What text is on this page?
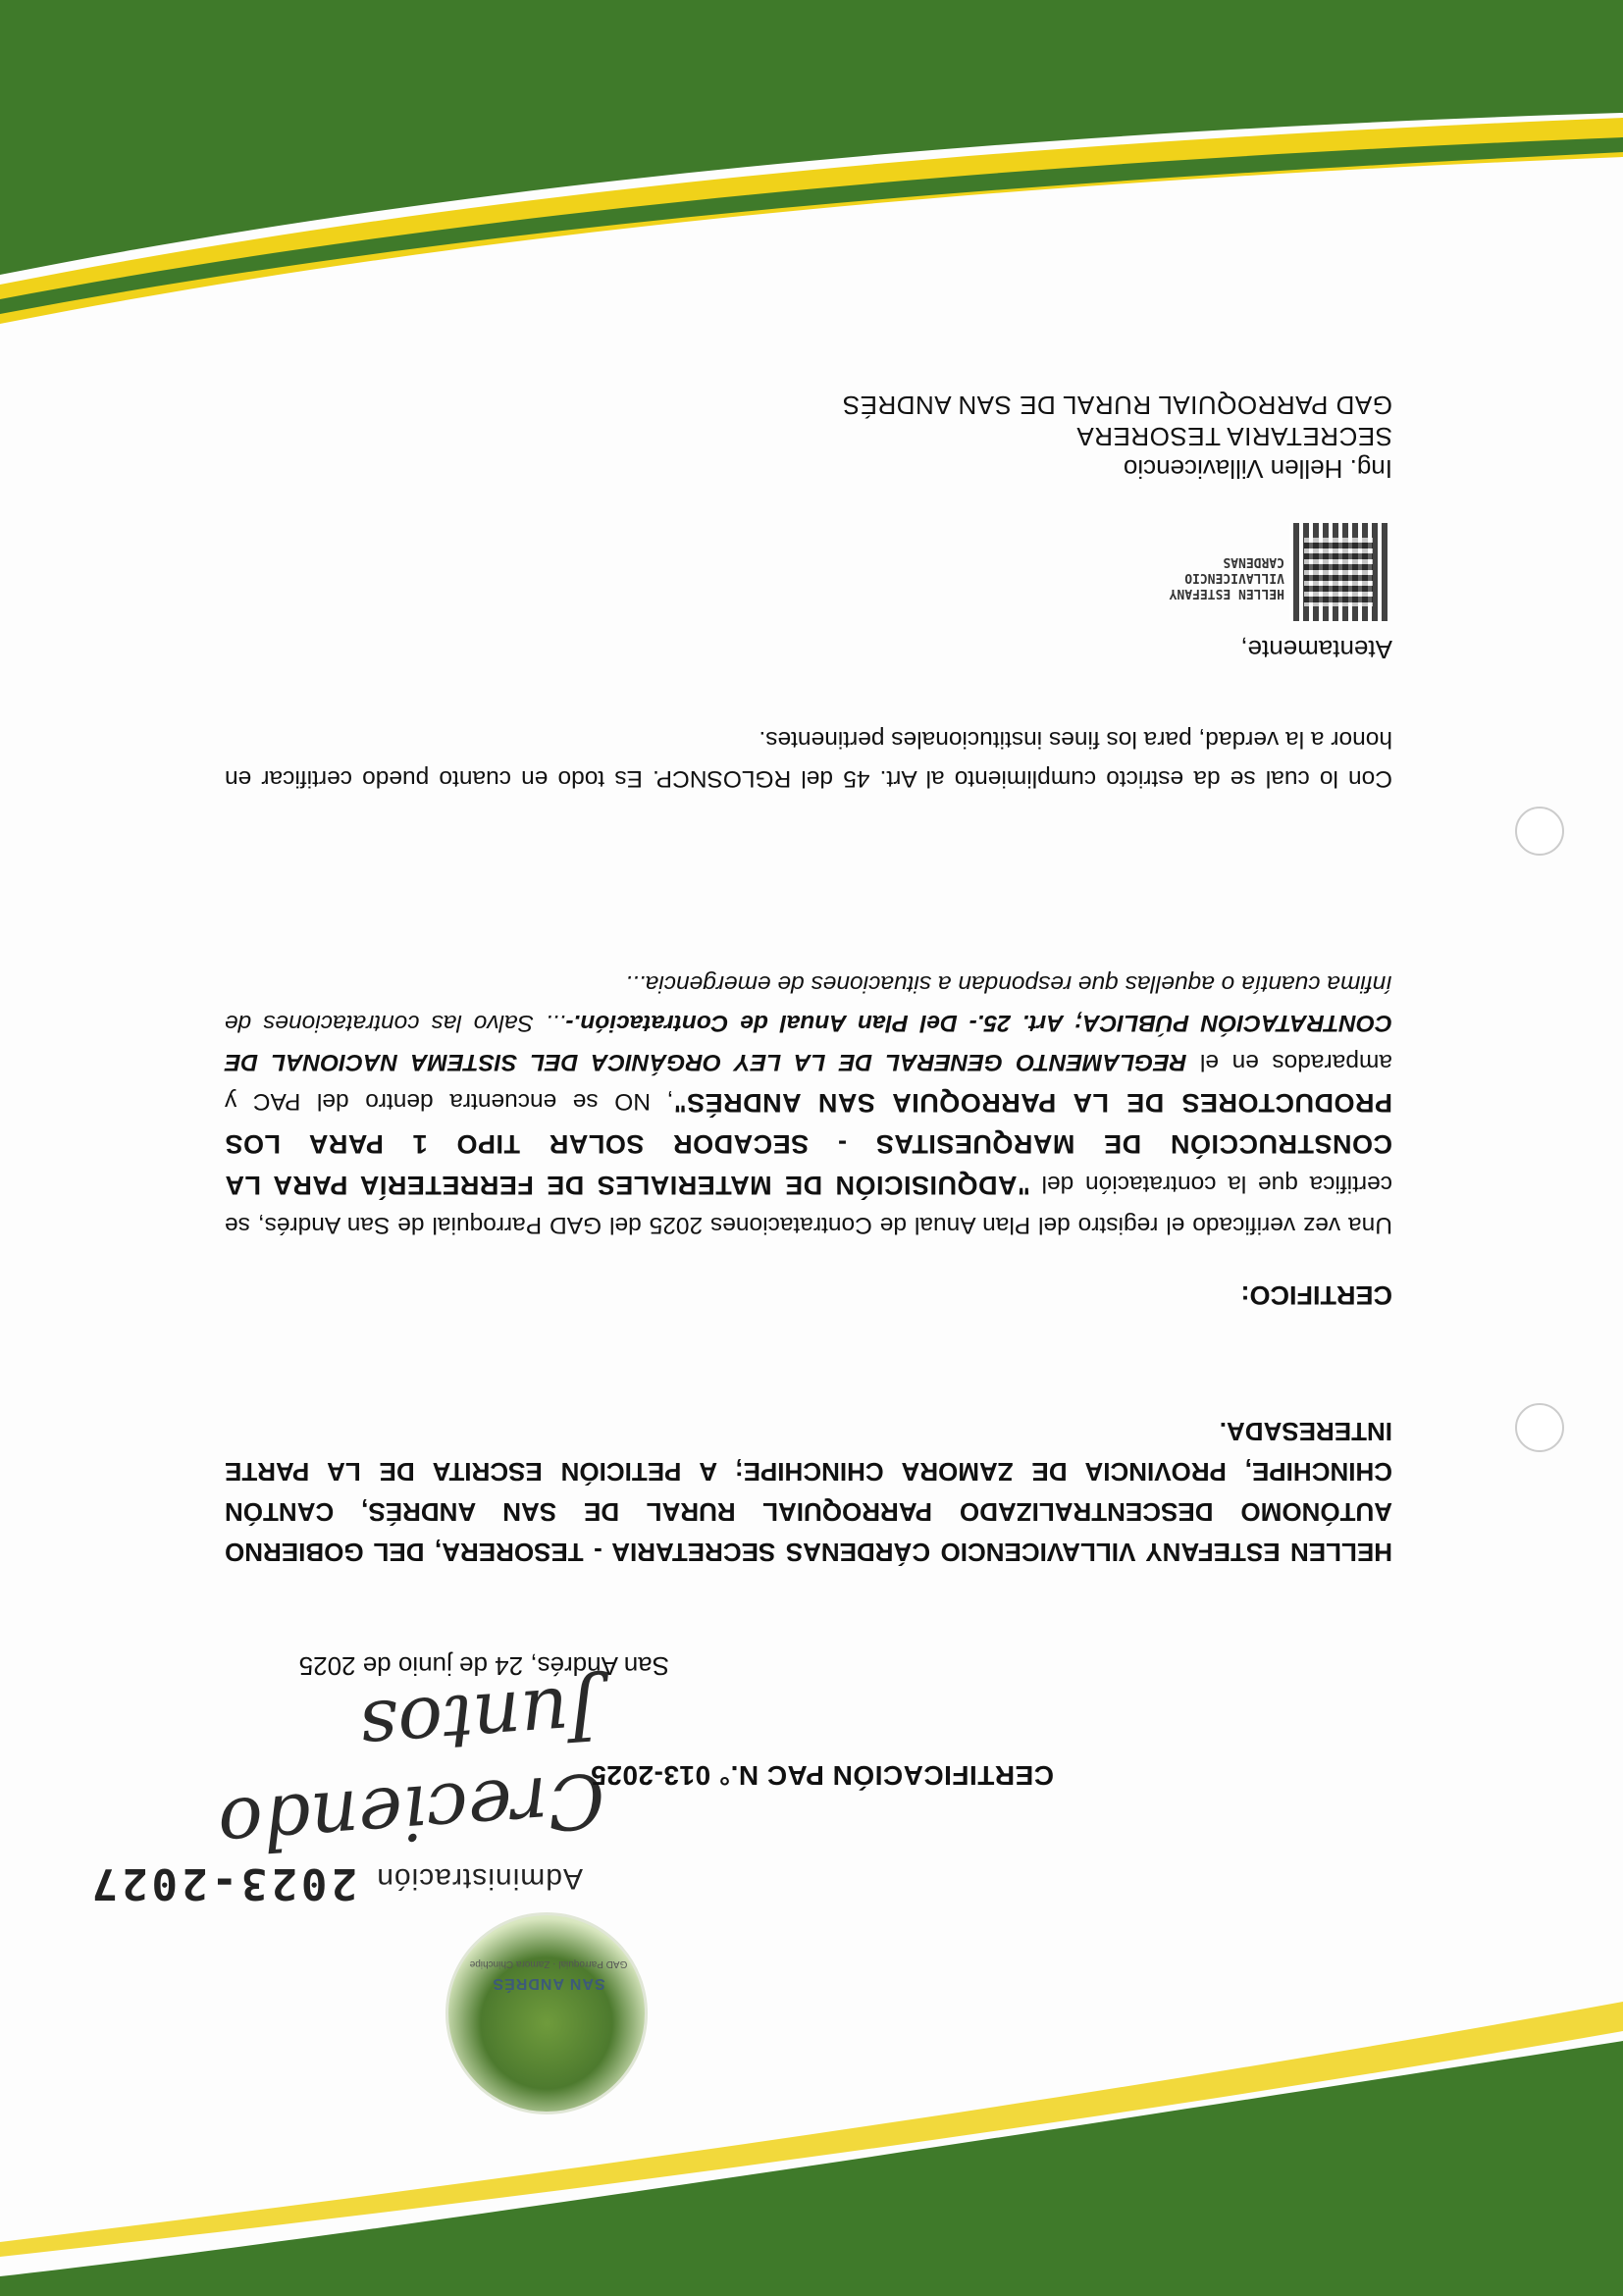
SAN ANDRÉS
GAD Parroquial · Zamora Chinchipe
Administración 2023-2027
Creciendo Juntos
CERTIFICACIÓN PAC N.° 013-2025
San Andrés, 24 de junio de 2025
HELLEN ESTEFANY VILLAVICENCIO CÁRDENAS SECRETARIA - TESORERA, DEL GOBIERNO AUTÓNOMO DESCENTRALIZADO PARROQUIAL RURAL DE SAN ANDRÉS, CANTÓN CHINCHIPE, PROVINCIA DE ZAMORA CHINCHIPE; A PETICIÓN ESCRITA DE LA PARTE INTERESADA.
CERTIFICO:
Una vez verificado el registro del Plan Anual de Contrataciones 2025 del GAD Parroquial de San Andrés, se certifica que la contratación del "ADQUISICIÓN DE MATERIALES DE FERRETERÍA PARA LA CONSTRUCCIÓN DE MARQUESITAS - SECADOR SOLAR TIPO 1 PARA LOS PRODUCTORES DE LA PARROQUIA SAN ANDRÉS", NO se encuentra dentro del PAC y amparados en el REGLAMENTO GENERAL DE LA LEY ORGÁNICA DEL SISTEMA NACIONAL DE CONTRATACIÓN PÚBLICA; Art. 25.- Del Plan Anual de Contratación.-... Salvo las contrataciones de ínfima cuantía o aquellas que respondan a situaciones de emergencia...
Con lo cual se da estricto cumplimiento al Art. 45 del RGLOSNCP. Es todo en cuanto puedo certificar en honor a la verdad, para los fines institucionales pertinentes.
Atentamente,
HELLEN ESTEFANY
VILLAVICENCIO
CARDENAS
Ing. Hellen Villavicencio
SECRETARIA TESORERA
GAD PARROQUIAL RURAL DE SAN ANDRÉS
